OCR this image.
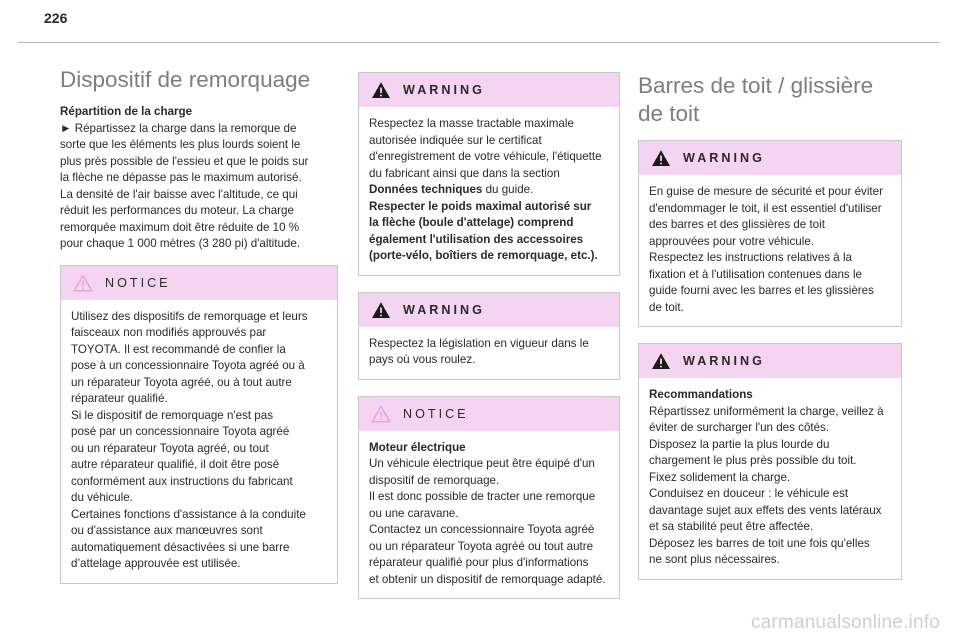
226
Dispositif de remorquage

Répartition de la charge

► Répartissez la charge dans la remorque de

sorte que les éléments les plus lourds soient le

plus près possible de l'essieu et que le poids sur

la flèche ne dépasse pas le maximum autorisé.

La densité de l'air baisse avec l'altitude, ce qui

réduit les performances du moteur. La charge

remorquée maximum doit être réduite de 10 %

pour chaque 1 000 mètres (3 280 pi) d'altitude.

NOTICE

Utilisez des dispositifs de remorquage et leurs

faisceaux non modifiés approuvés par

TOYOTA. Il est recommandé de confier la

pose à un concessionnaire Toyota agréé ou à

un réparateur Toyota agréé, ou à tout autre

réparateur qualifié.

Si le dispositif de remorquage n'est pas

posé par un concessionnaire Toyota agréé

ou un réparateur Toyota agréé, ou tout

autre réparateur qualifié, il doit être posé

conformément aux instructions du fabricant

du véhicule.

Certaines fonctions d'assistance à la conduite

ou d'assistance aux manœuvres sont

automatiquement désactivées si une barre

d’attelage approuvée est utilisée.

WARNING

Respectez la masse tractable maximale

autorisée indiquée sur le certificat

d'enregistrement de votre véhicule, l'étiquette

du fabricant ainsi que dans la section

Données techniques du guide.

Respecter le poids maximal autorisé sur

la flèche (boule d'attelage) comprend

également l'utilisation des accessoires

(porte-vélo, boîtiers de remorquage, etc.).

WARNING

Respectez la législation en vigueur dans le

pays où vous roulez.

NOTICE

Moteur électrique

Un véhicule électrique peut être équipé d'un

dispositif de remorquage.

Il est donc possible de tracter une remorque

ou une caravane.

Contactez un concessionnaire Toyota agréé

ou un réparateur Toyota agréé ou tout autre

réparateur qualifié pour plus d'informations

et obtenir un dispositif de remorquage adapté.

Barres de toit / glissière
de toit
WARNING

En guise de mesure de sécurité et pour éviter

d'endommager le toit, il est essentiel d'utiliser

des barres et des glissières de toit

approuvées pour votre véhicule.

Respectez les instructions relatives à la

fixation et à l'utilisation contenues dans le

guide fourni avec les barres et les glissières

de toit.

WARNING

Recommandations

Répartissez uniformément la charge, veillez à

éviter de surcharger l'un des côtés.

Disposez la partie la plus lourde du

chargement le plus près possible du toit.

Fixez solidement la charge.

Conduisez en douceur : le véhicule est

davantage sujet aux effets des vents latéraux

et sa stabilité peut être affectée.

Déposez les barres de toit une fois qu'elles

ne sont plus nécessaires.

carmanualsonline.info
